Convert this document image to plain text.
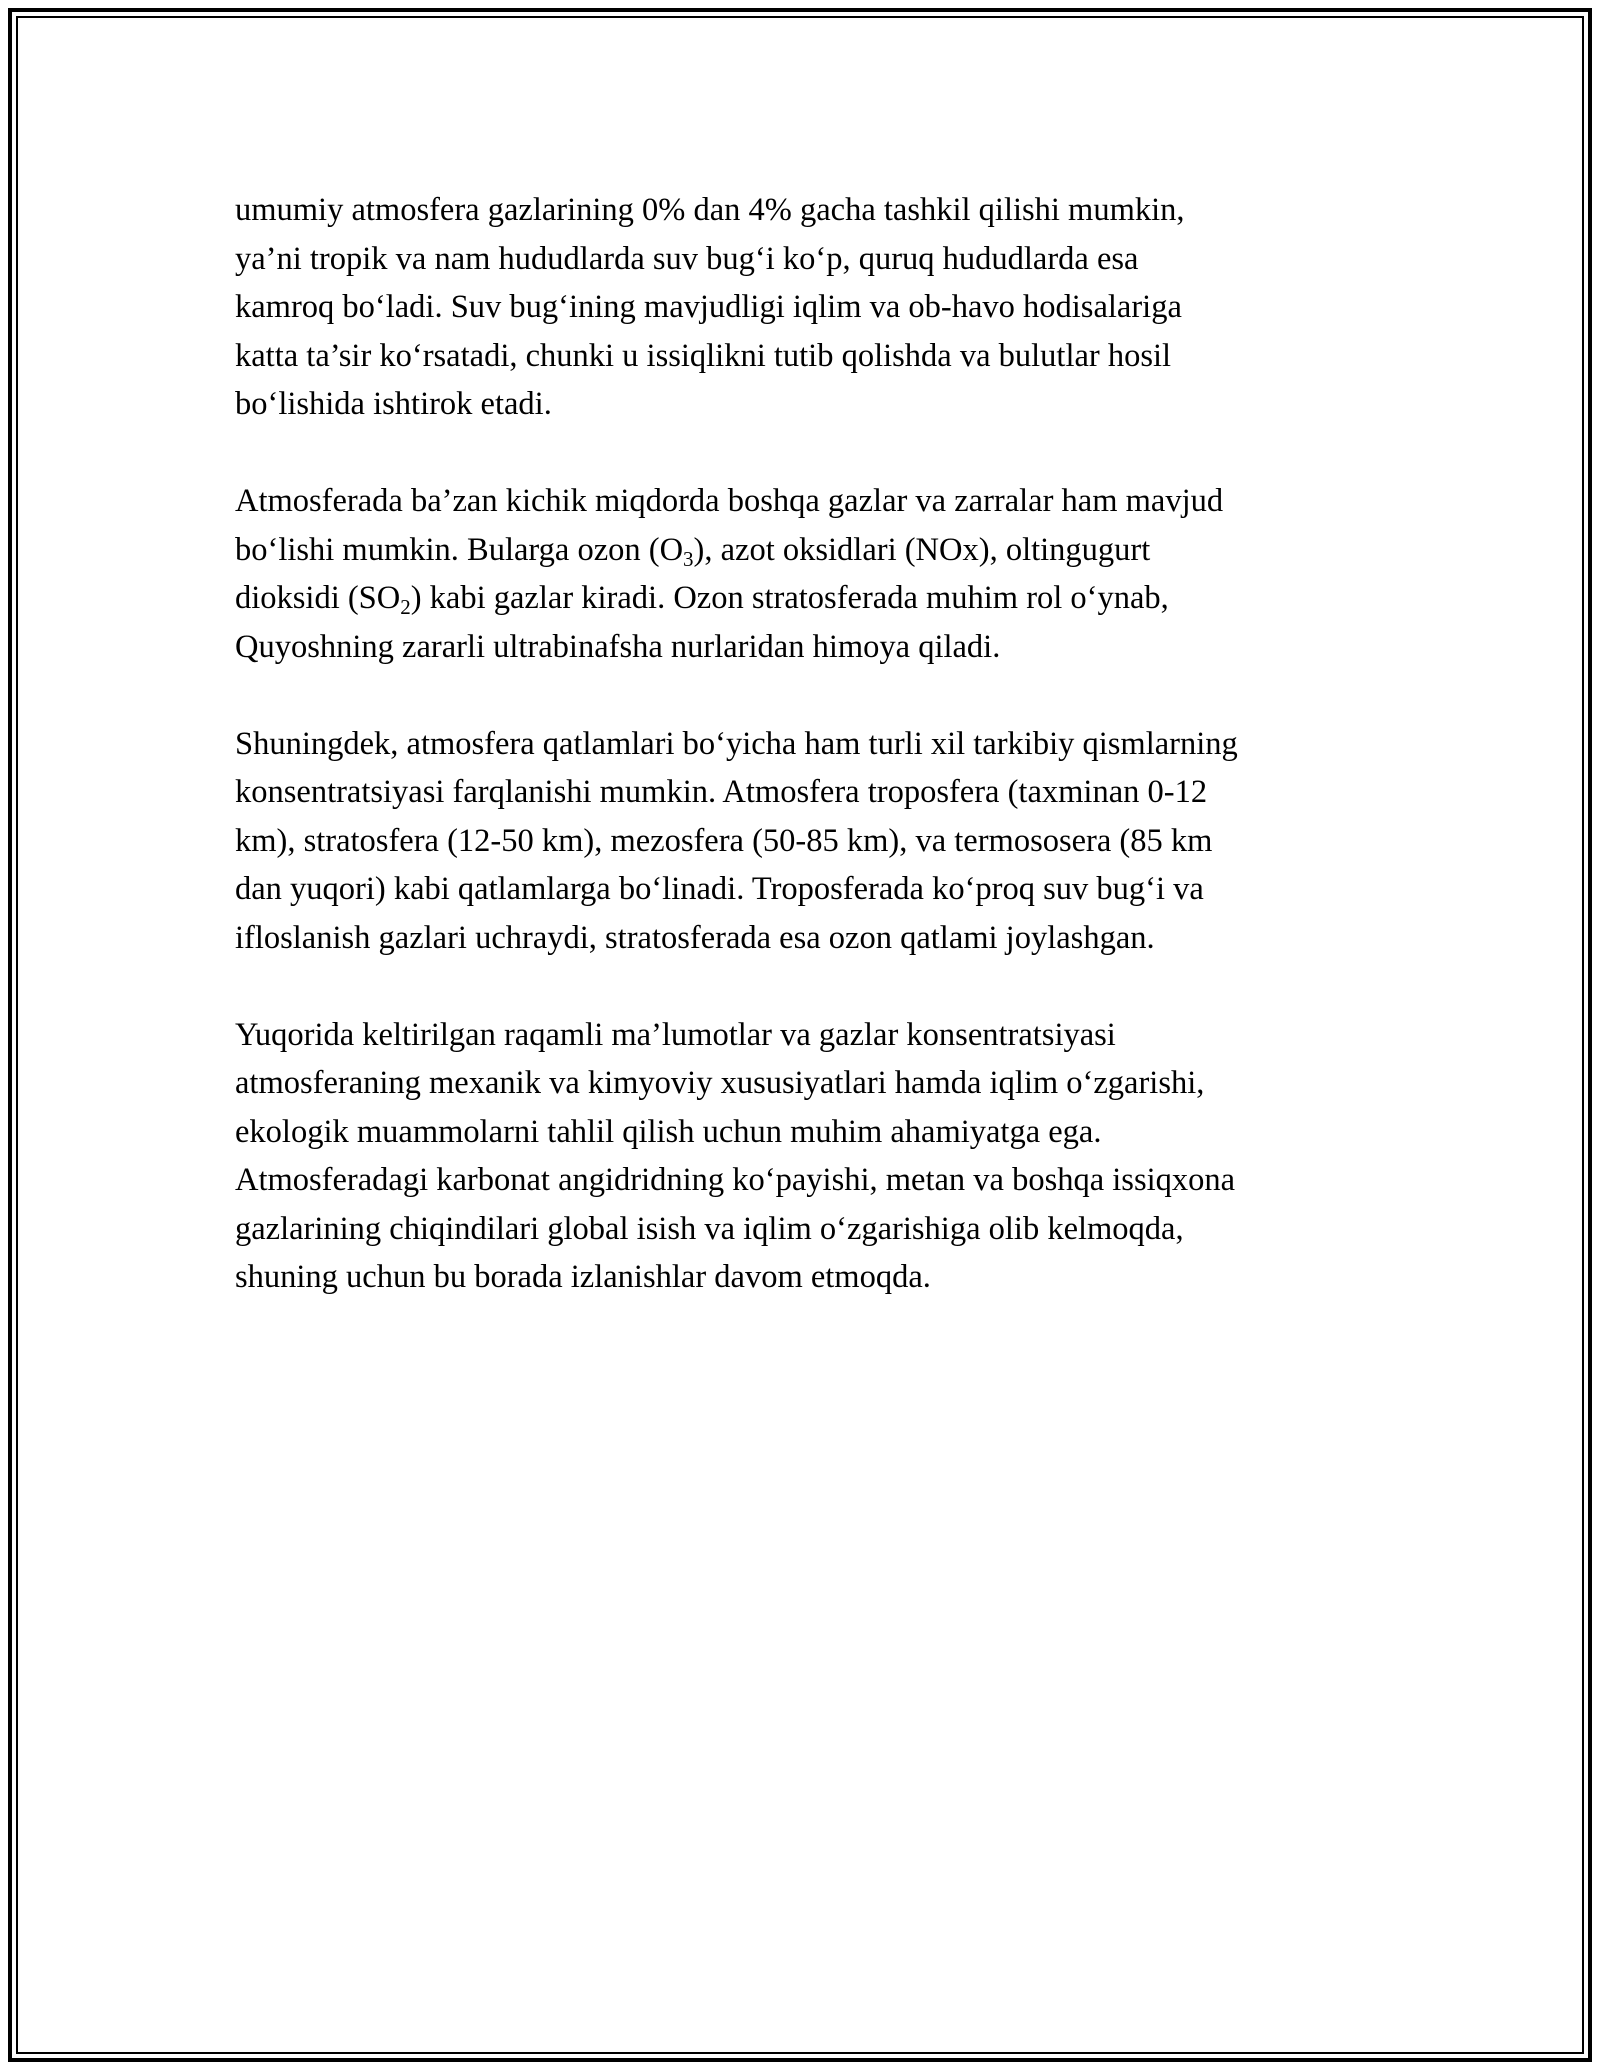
umumiy atmosfera gazlarining 0% dan 4% gacha tashkil qilishi mumkin,
ya’ni tropik va nam hududlarda suv bug‘i ko‘p, quruq hududlarda esa
kamroq bo‘ladi. Suv bug‘ining mavjudligi iqlim va ob-havo hodisalariga
katta ta’sir ko‘rsatadi, chunki u issiqlikni tutib qolishda va bulutlar hosil
bo‘lishida ishtirok etadi.

Atmosferada ba’zan kichik miqdorda boshqa gazlar va zarralar ham mavjud
bo‘lishi mumkin. Bularga ozon $(O_3)$, azot oksidlari (NOx), oltingugurt
dioksidi $(SO_2)$ kabi gazlar kiradi. Ozon stratosferada muhim rol o‘ynab,
Quyoshning zararli ultrabinafsha nurlaridan himoya qiladi.

Shuningdek, atmosfera qatlamlari bo‘yicha ham turli xil tarkibiy qismlarning
konsentratsiyasi farqlanishi mumkin. Atmosfera troposfera (taxminan 0-12
km), stratosfera (12-50 km), mezosfera (50-85 km), va termososera (85 km
dan yuqori) kabi qatlamlarga bo‘linadi. Troposferada ko‘proq suv bug‘i va
ifloslanish gazlari uchraydi, stratosferada esa ozon qatlami joylashgan.

Yuqorida keltirilgan raqamli ma’lumotlar va gazlar konsentratsiyasi
atmosferaning mexanik va kimyoviy xususiyatlari hamda iqlim o‘zgarishi,
ekologik muammolarni tahlil qilish uchun muhim ahamiyatga ega.
Atmosferadagi karbonat angidridning ko‘payishi, metan va boshqa issiqxona
gazlarining chiqindilari global isish va iqlim o‘zgarishiga olib kelmoqda,
shuning uchun bu borada izlanishlar davom etmoqda.
